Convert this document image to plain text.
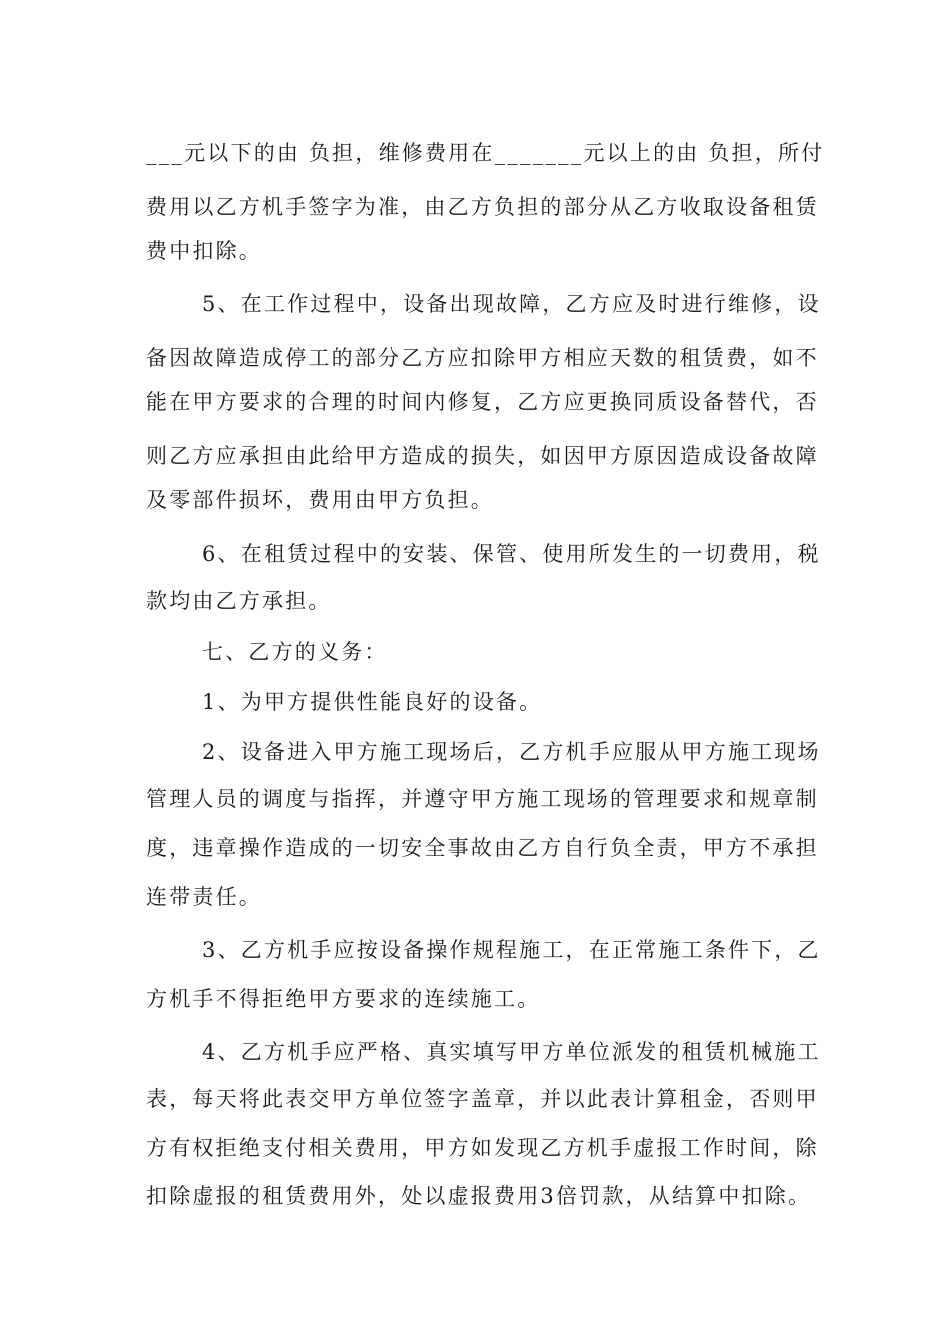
___元以下的由 负担，维修费用在_______元以上的由 负担，所付
费用以乙方机手签字为准，由乙方负担的部分从乙方收取设备租赁
费中扣除。
5、在工作过程中，设备出现故障，乙方应及时进行维修，设
备因故障造成停工的部分乙方应扣除甲方相应天数的租赁费，如不
能在甲方要求的合理的时间内修复，乙方应更换同质设备替代，否
则乙方应承担由此给甲方造成的损失，如因甲方原因造成设备故障
及零部件损坏，费用由甲方负担。
6、在租赁过程中的安装、保管、使用所发生的一切费用，税
款均由乙方承担。
七、乙方的义务：
1、为甲方提供性能良好的设备。
2、设备进入甲方施工现场后，乙方机手应服从甲方施工现场
管理人员的调度与指挥，并遵守甲方施工现场的管理要求和规章制
度，违章操作造成的一切安全事故由乙方自行负全责，甲方不承担
连带责任。
3、乙方机手应按设备操作规程施工，在正常施工条件下，乙
方机手不得拒绝甲方要求的连续施工。
4、乙方机手应严格、真实填写甲方单位派发的租赁机械施工
表，每天将此表交甲方单位签字盖章，并以此表计算租金，否则甲
方有权拒绝支付相关费用，甲方如发现乙方机手虚报工作时间，除
扣除虚报的租赁费用外，处以虚报费用3倍罚款，从结算中扣除。
